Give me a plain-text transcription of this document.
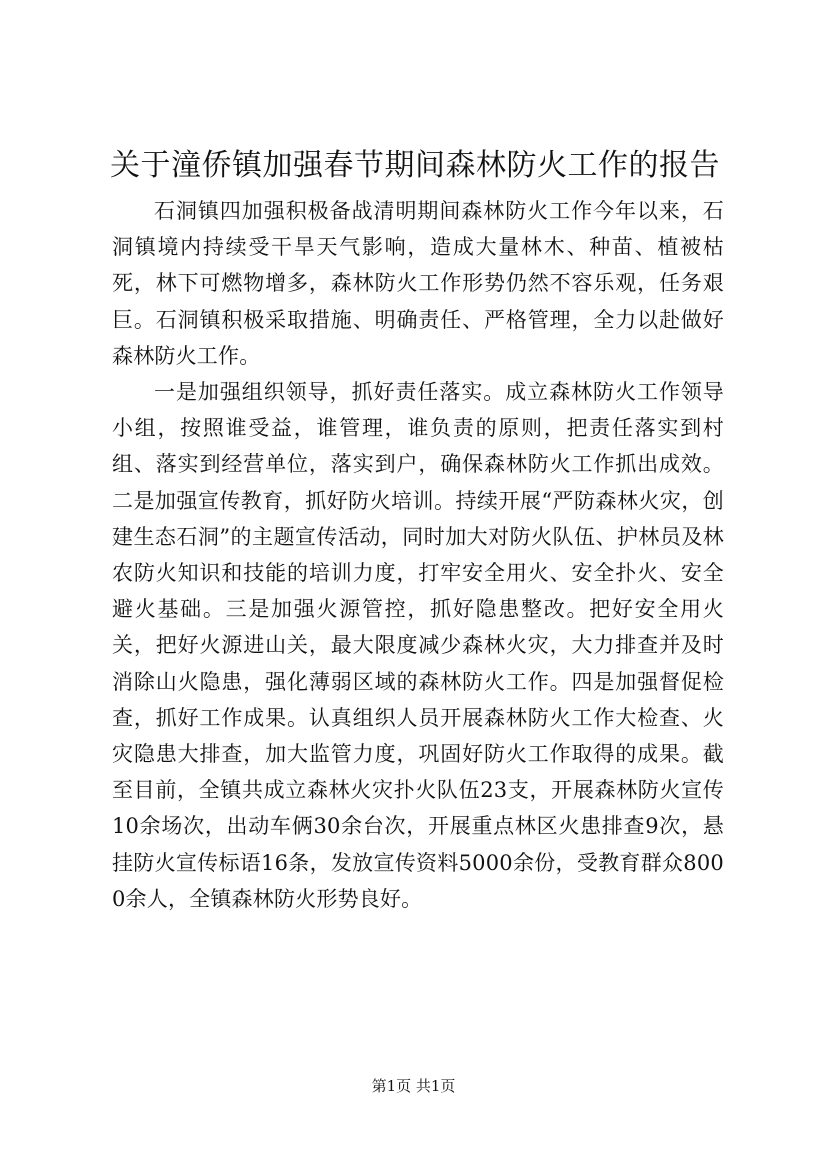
关于潼侨镇加强春节期间森林防火工作的报告

石洞镇四加强积极备战清明期间森林防火工作今年以来，石洞镇境内持续受干旱天气影响，造成大量林木、种苗、植被枯死，林下可燃物增多，森林防火工作形势仍然不容乐观，任务艰巨。石洞镇积极采取措施、明确责任、严格管理，全力以赴做好森林防火工作。

一是加强组织领导，抓好责任落实。成立森林防火工作领导小组，按照谁受益，谁管理，谁负责的原则，把责任落实到村组、落实到经营单位，落实到户，确保森林防火工作抓出成效。二是加强宣传教育，抓好防火培训。持续开展“严防森林火灾，创建生态石洞”的主题宣传活动，同时加大对防火队伍、护林员及林农防火知识和技能的培训力度，打牢安全用火、安全扑火、安全避火基础。三是加强火源管控，抓好隐患整改。把好安全用火关，把好火源进山关，最大限度减少森林火灾，大力排查并及时消除山火隐患，强化薄弱区域的森林防火工作。四是加强督促检查，抓好工作成果。认真组织人员开展森林防火工作大检查、火灾隐患大排查，加大监管力度，巩固好防火工作取得的成果。截至目前，全镇共成立森林火灾扑火队伍23支，开展森林防火宣传10余场次，出动车俩30余台次，开展重点林区火患排查9次，悬挂防火宣传标语16条，发放宣传资料5000余份，受教育群众8000余人，全镇森林防火形势良好。

第1页 共1页
